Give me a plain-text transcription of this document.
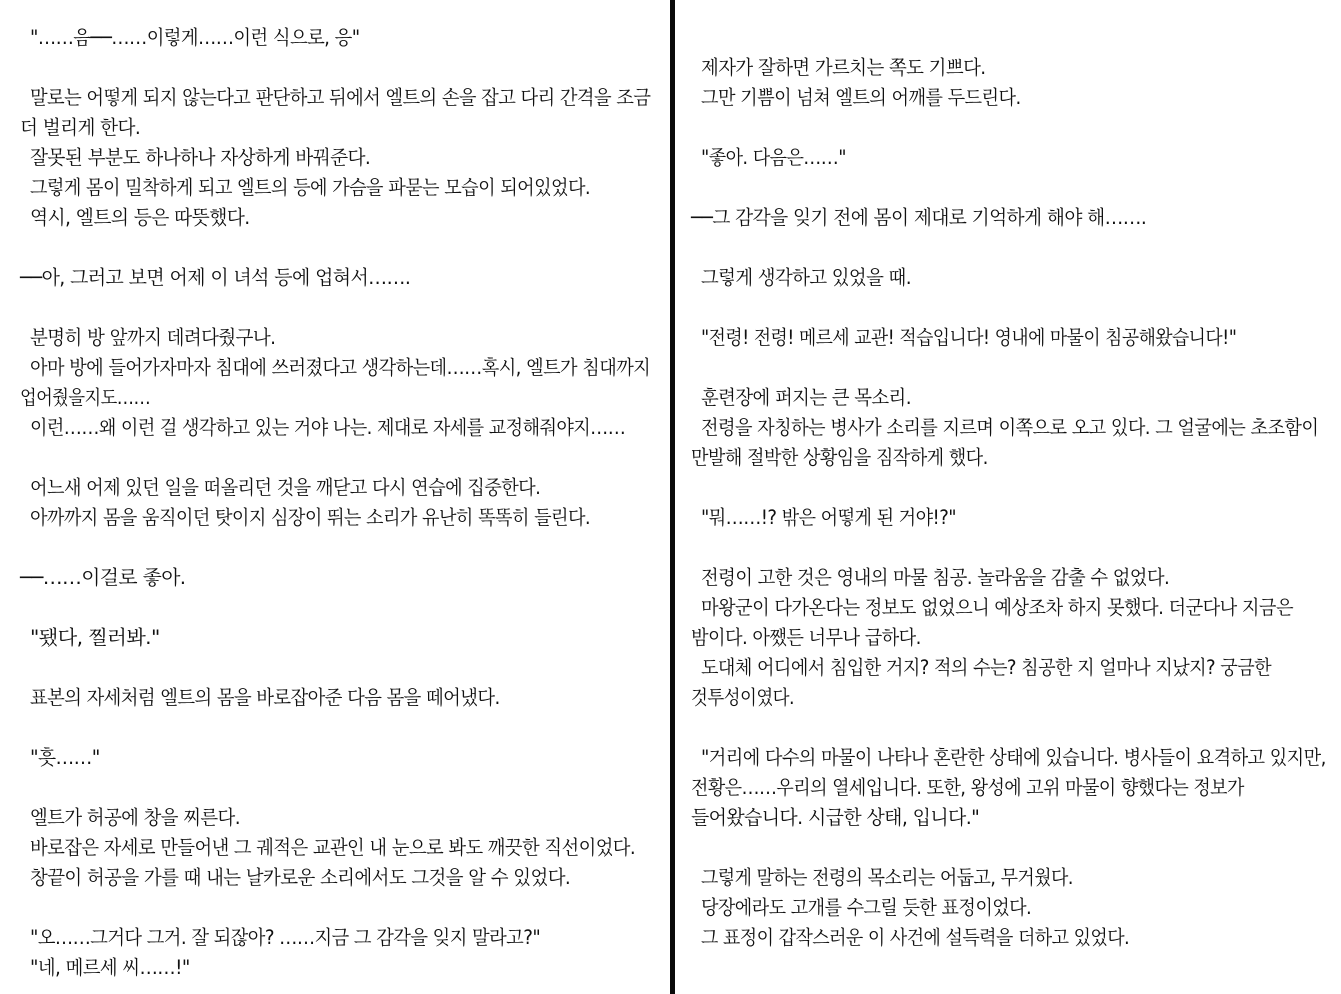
"……음──……이렇게……이런 식으로, 응"
말로는 어떻게 되지 않는다고 판단하고 뒤에서 엘트의 손을 잡고 다리 간격을 조금
더 벌리게 한다.
잘못된 부분도 하나하나 자상하게 바꿔준다.
그렇게 몸이 밀착하게 되고 엘트의 등에 가슴을 파묻는 모습이 되어있었다.
역시, 엘트의 등은 따뜻했다.
──아, 그러고 보면 어제 이 녀석 등에 업혀서…….
분명히 방 앞까지 데려다줬구나.
아마 방에 들어가자마자 침대에 쓰러졌다고 생각하는데……혹시, 엘트가 침대까지
업어줬을지도……
이런……왜 이런 걸 생각하고 있는 거야 나는. 제대로 자세를 교정해줘야지……
어느새 어제 있던 일을 떠올리던 것을 깨닫고 다시 연습에 집중한다.
아까까지 몸을 움직이던 탓이지 심장이 뛰는 소리가 유난히 똑똑히 들린다.
──……이걸로 좋아.
"됐다, 찔러봐."
표본의 자세처럼 엘트의 몸을 바로잡아준 다음 몸을 떼어냈다.
"흣……"
엘트가 허공에 창을 찌른다.
바로잡은 자세로 만들어낸 그 궤적은 교관인 내 눈으로 봐도 깨끗한 직선이었다.
창끝이 허공을 가를 때 내는 날카로운 소리에서도 그것을 알 수 있었다.
"오……그거다 그거. 잘 되잖아? ……지금 그 감각을 잊지 말라고?"
"네, 메르세 씨……!"
제자가 잘하면 가르치는 쪽도 기쁘다.
그만 기쁨이 넘쳐 엘트의 어깨를 두드린다.
"좋아. 다음은……"
──그 감각을 잊기 전에 몸이 제대로 기억하게 해야 해…….
그렇게 생각하고 있었을 때.
"전령! 전령! 메르세 교관! 적습입니다! 영내에 마물이 침공해왔습니다!"
훈련장에 퍼지는 큰 목소리.
전령을 자칭하는 병사가 소리를 지르며 이쪽으로 오고 있다. 그 얼굴에는 초조함이
만발해 절박한 상황임을 짐작하게 했다.
"뭐……!? 밖은 어떻게 된 거야!?"
전령이 고한 것은 영내의 마물 침공. 놀라움을 감출 수 없었다.
마왕군이 다가온다는 정보도 없었으니 예상조차 하지 못했다. 더군다나 지금은
밤이다. 아쨌든 너무나 급하다.
도대체 어디에서 침입한 거지? 적의 수는? 침공한 지 얼마나 지났지? 궁금한
것투성이였다.
"거리에 다수의 마물이 나타나 혼란한 상태에 있습니다. 병사들이 요격하고 있지만,
전황은……우리의 열세입니다. 또한, 왕성에 고위 마물이 향했다는 정보가
들어왔습니다. 시급한 상태, 입니다."
그렇게 말하는 전령의 목소리는 어둡고, 무거웠다.
당장에라도 고개를 수그릴 듯한 표정이었다.
그 표정이 갑작스러운 이 사건에 설득력을 더하고 있었다.
